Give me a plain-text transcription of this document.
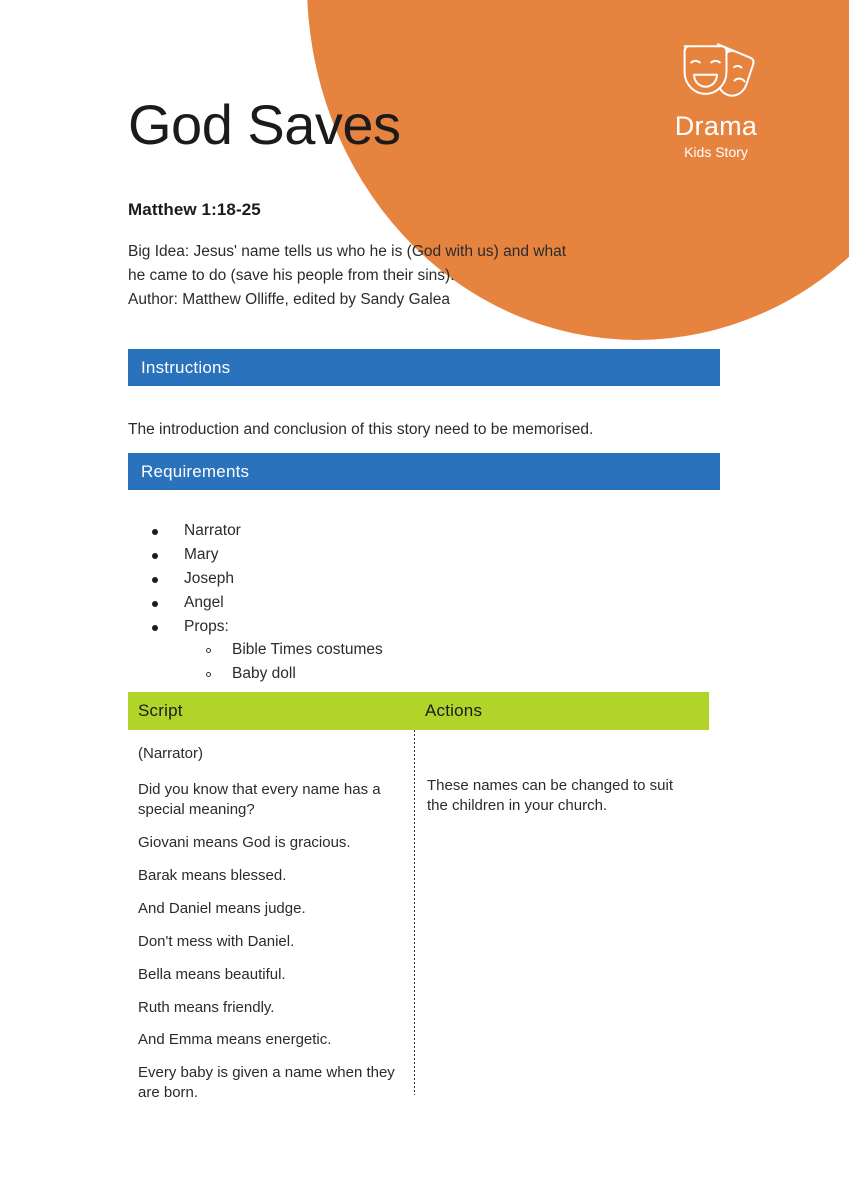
Drama
Kids Story
God Saves
Matthew 1:18-25

Big Idea: Jesus' name tells us who he is (God with us) and what he came to do (save his people from their sins).

Author: Matthew Olliffe, edited by Sandy Galea

Instructions
The introduction and conclusion of this story need to be memorised.
Requirements
Narrator
Mary
Joseph
Angel
Props:
Bible Times costumes
Baby doll
Script	Actions

(Narrator)

Did you know that every name has a special meaning?

Giovani means God is gracious.

Barak means blessed.

And Daniel means judge.

Don't mess with Daniel.

Bella means beautiful.

Ruth means friendly.

And Emma means energetic.

Every baby is given a name when they are born.

These names can be changed to suit the children in your church.
